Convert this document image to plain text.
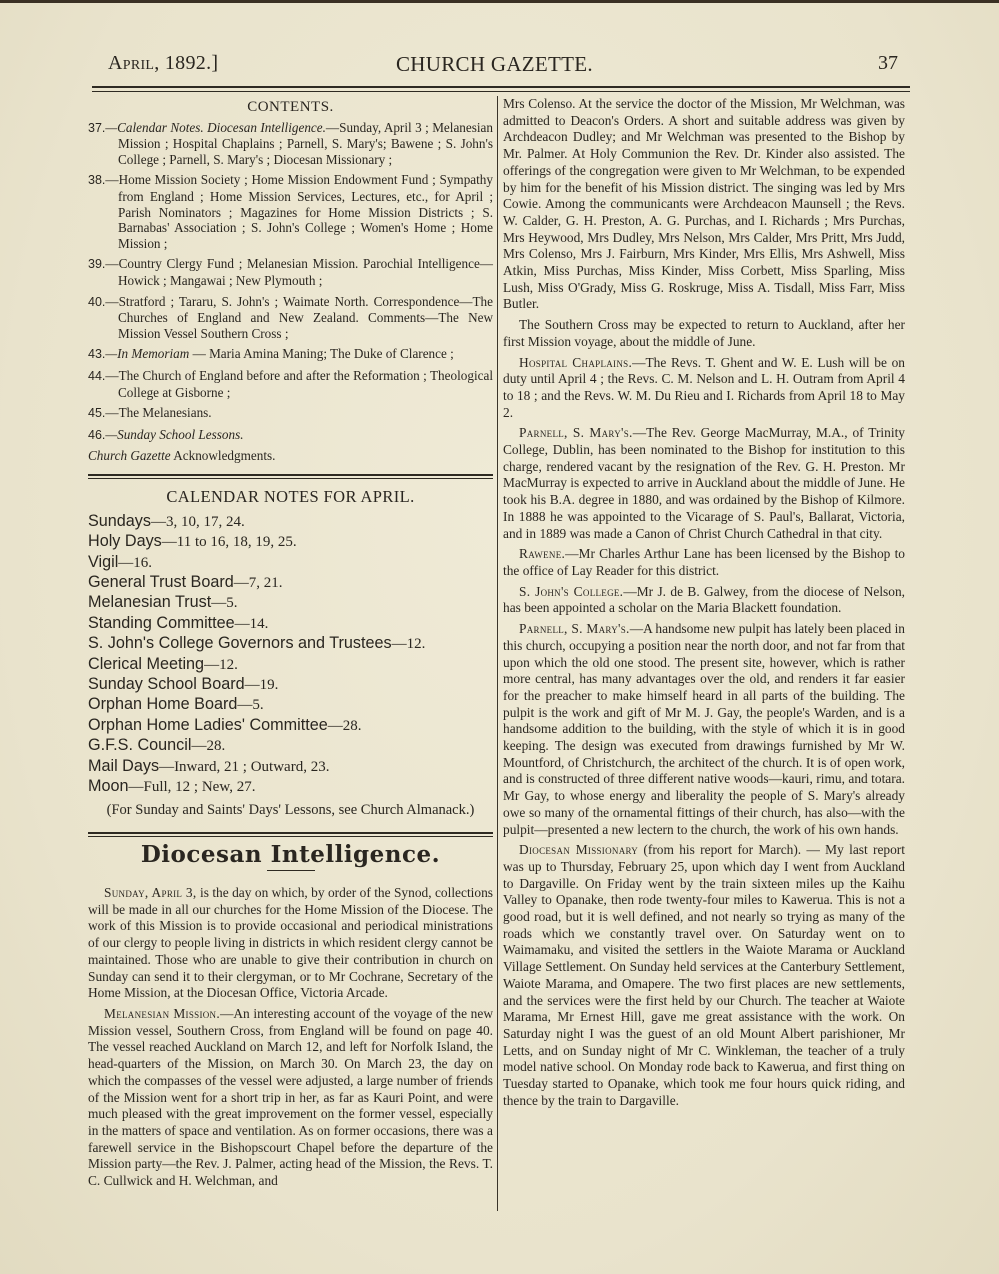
April, 1892.]	CHURCH GAZETTE.	37
CONTENTS.
37.—Calendar Notes. Diocesan Intelligence.—Sunday, April 3 ; Melanesian Mission ; Hospital Chaplains ; Parnell, S. Mary's; Bawene ; S. John's College ; Parnell, S. Mary's ; Diocesan Missionary ;
38.—Home Mission Society ; Home Mission Endowment Fund ; Sympathy from England ; Home Mission Services, Lectures, etc., for April ; Parish Nominators ; Magazines for Home Mission Districts ; S. Barnabas' Association ; S. John's College ; Women's Home ; Home Mission ;
39.—Country Clergy Fund ; Melanesian Mission. Parochial Intelligence—Howick ; Mangawai ; New Plymouth ;
40.—Stratford ; Tararu, S. John's ; Waimate North. Correspondence—The Churches of England and New Zealand. Comments—The New Mission Vessel Southern Cross ;
43.—In Memoriam — Maria Amina Maning; The Duke of Clarence ;
44.—The Church of England before and after the Reformation ; Theological College at Gisborne ;
45.—The Melanesians.
46.—Sunday School Lessons.
Church Gazette Acknowledgments.
CALENDAR NOTES FOR APRIL.
Sundays—3, 10, 17, 24.
Holy Days—11 to 16, 18, 19, 25.
Vigil—16.
General Trust Board—7, 21.
Melanesian Trust—5.
Standing Committee—14.
S. John's College Governors and Trustees—12.
Clerical Meeting—12.
Sunday School Board—19.
Orphan Home Board—5.
Orphan Home Ladies' Committee—28.
G.F.S. Council—28.
Mail Days—Inward, 21 ; Outward, 23.
Moon—Full, 12 ; New, 27.
(For Sunday and Saints' Days' Lessons, see Church Almanack.)
Diocesan Intelligence.
Sunday, April 3, is the day on which, by order of the Synod, collections will be made in all our churches for the Home Mission of the Diocese. The work of this Mission is to provide occasional and periodical ministrations of our clergy to people living in districts in which resident clergy cannot be maintained. Those who are unable to give their contribution in church on Sunday can send it to their clergyman, or to Mr Cochrane, Secretary of the Home Mission, at the Diocesan Office, Victoria Arcade.
Melanesian Mission.—An interesting account of the voyage of the new Mission vessel, Southern Cross, from England will be found on page 40. The vessel reached Auckland on March 12, and left for Norfolk Island, the head-quarters of the Mission, on March 30. On March 23, the day on which the compasses of the vessel were adjusted, a large number of friends of the Mission went for a short trip in her, as far as Kauri Point, and were much pleased with the great improvement on the former vessel, especially in the matters of space and ventilation. As on former occasions, there was a farewell service in the Bishopscourt Chapel before the departure of the Mission party—the Rev. J. Palmer, acting head of the Mission, the Revs. T. C. Cullwick and H. Welchman, and
Mrs Colenso. At the service the doctor of the Mission, Mr Welchman, was admitted to Deacon's Orders. A short and suitable address was given by Archdeacon Dudley; and Mr Welchman was presented to the Bishop by Mr. Palmer. At Holy Communion the Rev. Dr. Kinder also assisted. The offerings of the congregation were given to Mr Welchman, to be expended by him for the benefit of his Mission district. The singing was led by Mrs Cowie. Among the communicants were Archdeacon Maunsell ; the Revs. W. Calder, G. H. Preston, A. G. Purchas, and I. Richards ; Mrs Purchas, Mrs Heywood, Mrs Dudley, Mrs Nelson, Mrs Calder, Mrs Pritt, Mrs Judd, Mrs Colenso, Mrs J. Fairburn, Mrs Kinder, Mrs Ellis, Mrs Ashwell, Miss Atkin, Miss Purchas, Miss Kinder, Miss Corbett, Miss Sparling, Miss Lush, Miss O'Grady, Miss G. Roskruge, Miss A. Tisdall, Miss Farr, Miss Butler.
The Southern Cross may be expected to return to Auckland, after her first Mission voyage, about the middle of June.
Hospital Chaplains.—The Revs. T. Ghent and W. E. Lush will be on duty until April 4 ; the Revs. C. M. Nelson and L. H. Outram from April 4 to 18 ; and the Revs. W. M. Du Rieu and I. Richards from April 18 to May 2.
Parnell, S. Mary's.—The Rev. George MacMurray, M.A., of Trinity College, Dublin, has been nominated to the Bishop for institution to this charge, rendered vacant by the resignation of the Rev. G. H. Preston. Mr MacMurray is expected to arrive in Auckland about the middle of June. He took his B.A. degree in 1880, and was ordained by the Bishop of Kilmore. In 1888 he was appointed to the Vicarage of S. Paul's, Ballarat, Victoria, and in 1889 was made a Canon of Christ Church Cathedral in that city.
Rawene.—Mr Charles Arthur Lane has been licensed by the Bishop to the office of Lay Reader for this district.
S. John's College.—Mr J. de B. Galwey, from the diocese of Nelson, has been appointed a scholar on the Maria Blackett foundation.
Parnell, S. Mary's.—A handsome new pulpit has lately been placed in this church, occupying a position near the north door, and not far from that upon which the old one stood. The present site, however, which is rather more central, has many advantages over the old, and renders it far easier for the preacher to make himself heard in all parts of the building. The pulpit is the work and gift of Mr M. J. Gay, the people's Warden, and is a handsome addition to the building, with the style of which it is in good keeping. The design was executed from drawings furnished by Mr W. Mountford, of Christchurch, the architect of the church. It is of open work, and is constructed of three different native woods—kauri, rimu, and totara. Mr Gay, to whose energy and liberality the people of S. Mary's already owe so many of the ornamental fittings of their church, has also—with the pulpit—presented a new lectern to the church, the work of his own hands.
Diocesan Missionary (from his report for March). — My last report was up to Thursday, February 25, upon which day I went from Auckland to Dargaville. On Friday went by the train sixteen miles up the Kaihu Valley to Opanake, then rode twenty-four miles to Kawerua. This is not a good road, but it is well defined, and not nearly so trying as many of the roads which we constantly travel over. On Saturday went on to Waimamaku, and visited the settlers in the Waiote Marama or Auckland Village Settlement. On Sunday held services at the Canterbury Settlement, Waiote Marama, and Omapere. The two first places are new settlements, and the services were the first held by our Church. The teacher at Waiote Marama, Mr Ernest Hill, gave me great assistance with the work. On Saturday night I was the guest of an old Mount Albert parishioner, Mr Letts, and on Sunday night of Mr C. Winkleman, the teacher of a truly model native school. On Monday rode back to Kawerua, and first thing on Tuesday started to Opanake, which took me four hours quick riding, and thence by the train to Dargaville.
